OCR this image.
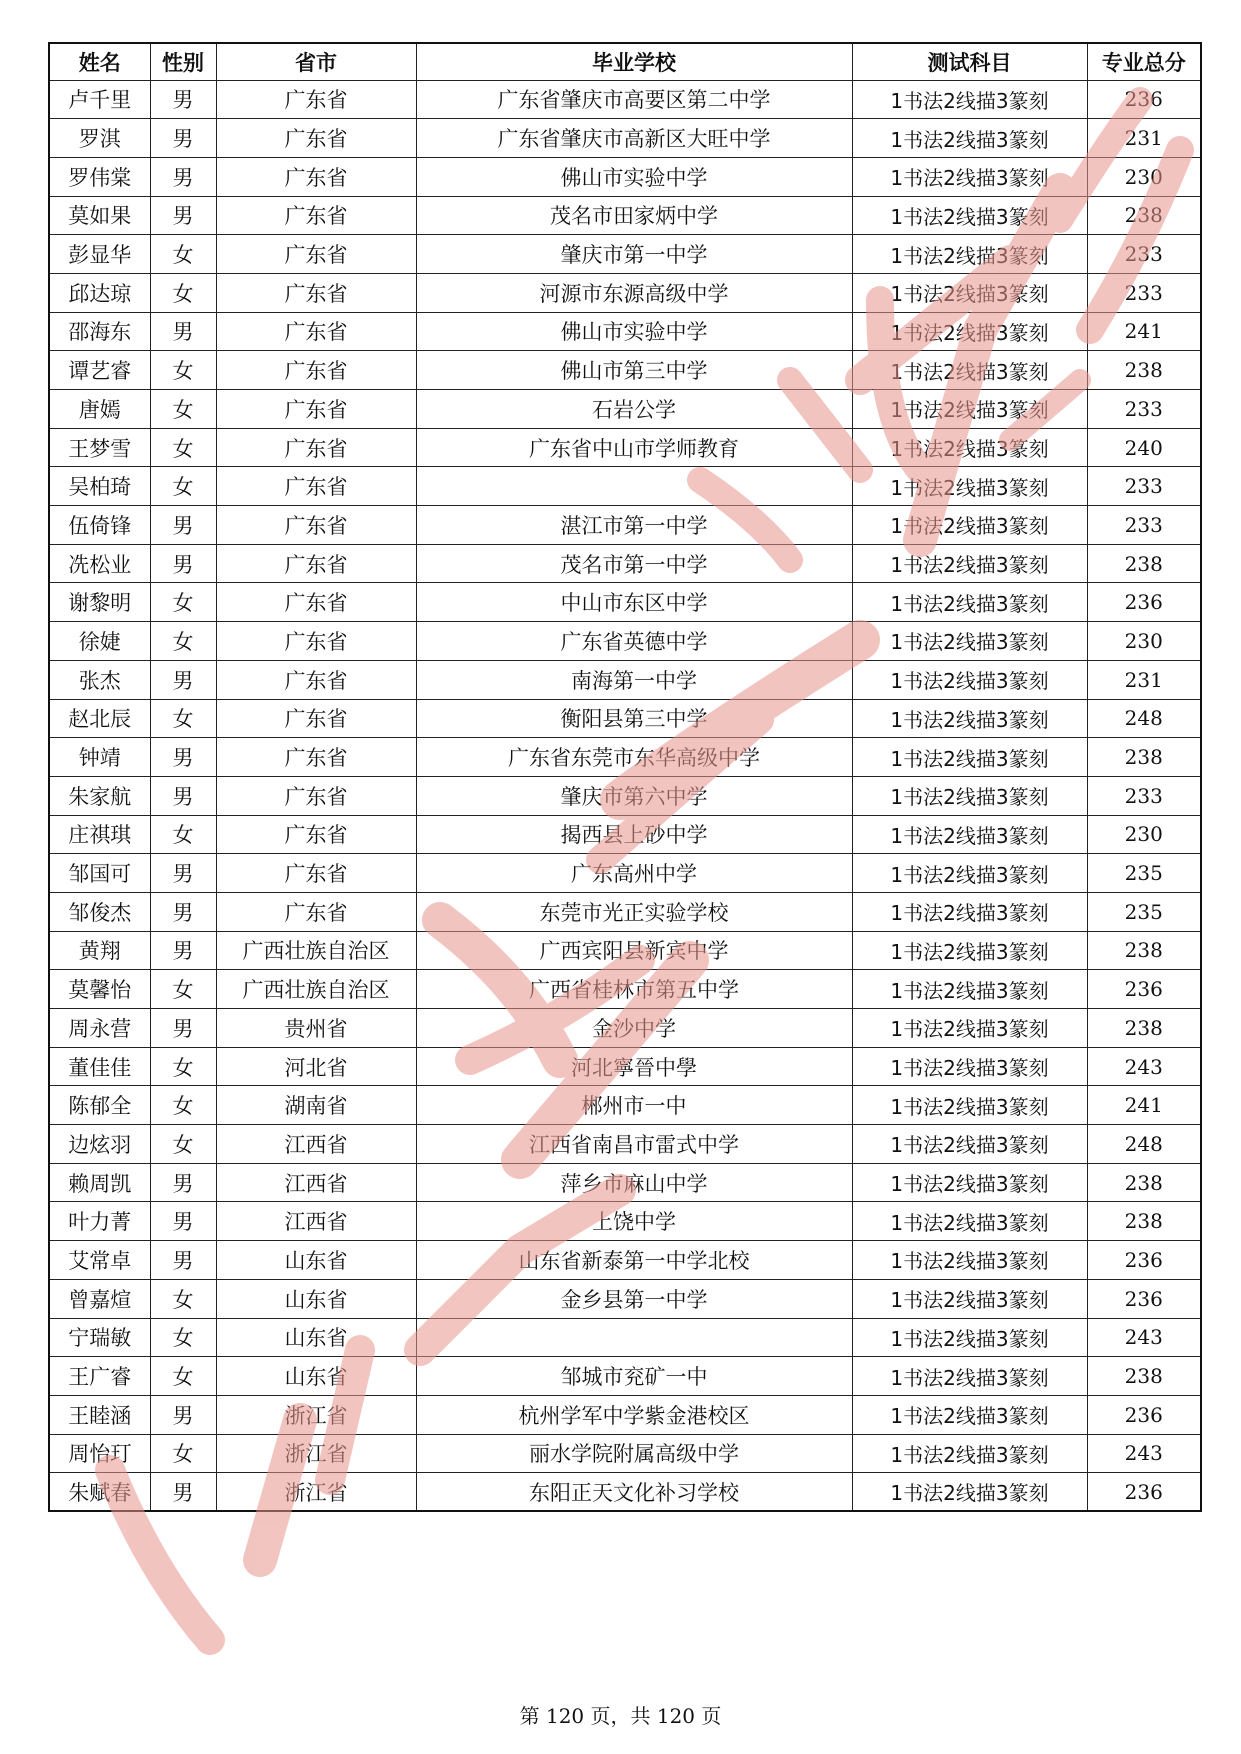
姓名	性别	省市	毕业学校	测试科目	专业总分
卢千里	男	广东省	广东省肇庆市高要区第二中学	1书法2线描3篆刻	236
罗淇	男	广东省	广东省肇庆市高新区大旺中学	1书法2线描3篆刻	231
罗伟棠	男	广东省	佛山市实验中学	1书法2线描3篆刻	230
莫如果	男	广东省	茂名市田家炳中学	1书法2线描3篆刻	238
彭显华	女	广东省	肇庆市第一中学	1书法2线描3篆刻	233
邱达琼	女	广东省	河源市东源高级中学	1书法2线描3篆刻	233
邵海东	男	广东省	佛山市实验中学	1书法2线描3篆刻	241
谭艺睿	女	广东省	佛山市第三中学	1书法2线描3篆刻	238
唐嫣	女	广东省	石岩公学	1书法2线描3篆刻	233
王梦雪	女	广东省	广东省中山市学师教育	1书法2线描3篆刻	240
吴柏琦	女	广东省		1书法2线描3篆刻	233
伍倚锋	男	广东省	湛江市第一中学	1书法2线描3篆刻	233
冼松业	男	广东省	茂名市第一中学	1书法2线描3篆刻	238
谢黎明	女	广东省	中山市东区中学	1书法2线描3篆刻	236
徐婕	女	广东省	广东省英德中学	1书法2线描3篆刻	230
张杰	男	广东省	南海第一中学	1书法2线描3篆刻	231
赵北辰	女	广东省	衡阳县第三中学	1书法2线描3篆刻	248
钟靖	男	广东省	广东省东莞市东华高级中学	1书法2线描3篆刻	238
朱家航	男	广东省	肇庆市第六中学	1书法2线描3篆刻	233
庄祺琪	女	广东省	揭西县上砂中学	1书法2线描3篆刻	230
邹国可	男	广东省	广东高州中学	1书法2线描3篆刻	235
邹俊杰	男	广东省	东莞市光正实验学校	1书法2线描3篆刻	235
黄翔	男	广西壮族自治区	广西宾阳县新宾中学	1书法2线描3篆刻	238
莫馨怡	女	广西壮族自治区	广西省桂林市第五中学	1书法2线描3篆刻	236
周永营	男	贵州省	金沙中学	1书法2线描3篆刻	238
董佳佳	女	河北省	河北寧晉中學	1书法2线描3篆刻	243
陈郁全	女	湖南省	郴州市一中	1书法2线描3篆刻	241
边炫羽	女	江西省	江西省南昌市雷式中学	1书法2线描3篆刻	248
赖周凯	男	江西省	萍乡市麻山中学	1书法2线描3篆刻	238
叶力菁	男	江西省	上饶中学	1书法2线描3篆刻	238
艾常卓	男	山东省	山东省新泰第一中学北校	1书法2线描3篆刻	236
曾嘉煊	女	山东省	金乡县第一中学	1书法2线描3篆刻	236
宁瑞敏	女	山东省		1书法2线描3篆刻	243
王广睿	女	山东省	邹城市兖矿一中	1书法2线描3篆刻	238
王睦涵	男	浙江省	杭州学军中学紫金港校区	1书法2线描3篆刻	236
周怡玎	女	浙江省	丽水学院附属高级中学	1书法2线描3篆刻	243
朱赋春	男	浙江省	东阳正天文化补习学校	1书法2线描3篆刻	236
第 120 页，共 120 页
